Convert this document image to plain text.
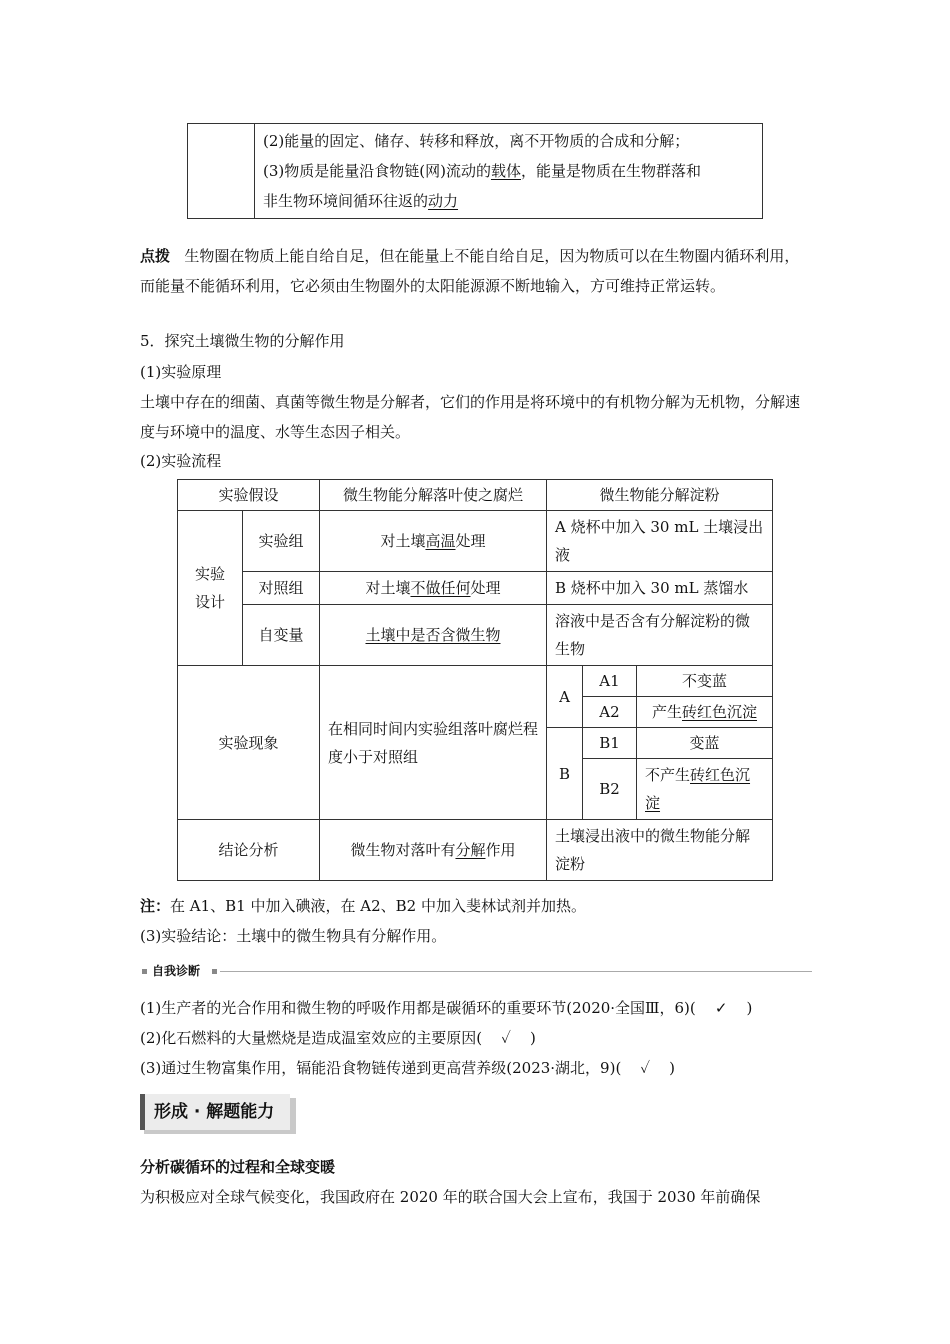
(2)能量的固定、储存、转移和释放，离不开物质的合成和分解；
(3)物质是能量沿食物链(网)流动的载体，能量是物质在生物群落和
非生物环境间循环往返的动力

点拨 生物圈在物质上能自给自足，但在能量上不能自给自足，因为物质可以在生物圈内循环利用，而能量不能循环利用，它必须由生物圈外的太阳能源源不断地输入，方可维持正常运转。

5．探究土壤微生物的分解作用

(1)实验原理

土壤中存在的细菌、真菌等微生物是分解者，它们的作用是将环境中的有机物分解为无机物，分解速度与环境中的温度、水等生态因子相关。

(2)实验流程

实验假设		微生物能分解落叶使之腐烂	微生物能分解淀粉		
实验设计	实验组	对土壤高温处理	A 烧杯中加入 30 mL 土壤浸出液		
	对照组	对土壤不做任何处理	B 烧杯中加入 30 mL 蒸馏水		
	自变量	土壤中是否含微生物	溶液中是否含有分解淀粉的微生物		
实验现象		在相同时间内实验组落叶腐烂程度小于对照组	A	A1	不变蓝
				A2	产生砖红色沉淀
			B	B1	变蓝
				B2	不产生砖红色沉淀
结论分析		微生物对落叶有分解作用	土壤浸出液中的微生物能分解淀粉		

注：在 A1、B1 中加入碘液，在 A2、B2 中加入斐林试剂并加热。

(3)实验结论：土壤中的微生物具有分解作用。

自我诊断

(1)生产者的光合作用和微生物的呼吸作用都是碳循环的重要环节(2020·全国Ⅲ，6)( ✓ )

(2)化石燃料的大量燃烧是造成温室效应的主要原因( ✓ )

(3)通过生物富集作用，镉能沿食物链传递到更高营养级(2023·湖北，9)( ✓ )

形成 · 解题能力

分析碳循环的过程和全球变暖

为积极应对全球气候变化，我国政府在 2020 年的联合国大会上宣布，我国于 2030 年前确保
